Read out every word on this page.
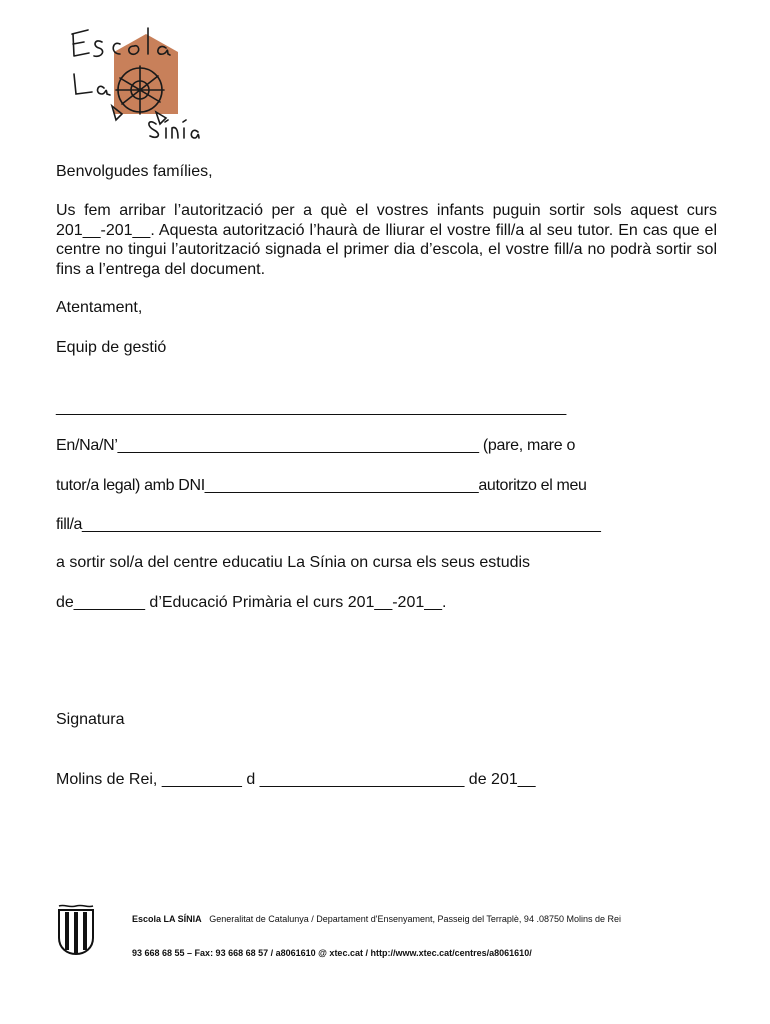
Benvolgudes famílies,
Us fem arribar l’autorització per a què el vostres infants puguin sortir sols aquest curs 201__-201__. Aquesta autorització l’haurà de lliurar el vostre fill/a al seu tutor. En cas que el centre no tingui l’autorització signada el primer dia d’escola, el vostre fill/a no podrà sortir sol fins a l’entrega del document.
Atentament,
Equip de gestió
____________________________________________________________
En/Na/N’__________________________________________ (pare, mare o
tutor/a legal) amb DNI________________________________autoritzo el meu
fill/a_____________________________________________________________
a sortir sol/a del centre educatiu La Sínia on cursa els seus estudis
de________ d’Educació Primària el curs 201__-201__.
Signatura
Molins de Rei, _________ d _______________________ de 201__
Escola LA SÍNIA Generalitat de Catalunya / Departament d'Ensenyament, Passeig del Terraplè, 94 .08750 Molins de Rei
93 668 68 55 – Fax: 93 668 68 57 / a8061610 @ xtec.cat / http://www.xtec.cat/centres/a8061610/
